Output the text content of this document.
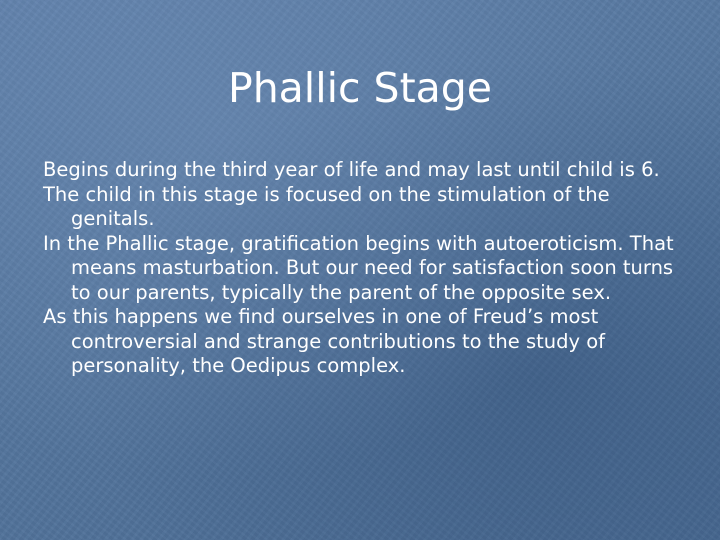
Phallic Stage

Begins during the third year of life and may last until child is 6.

The child in this stage is focused on the stimulation of the genitals.

In the Phallic stage, gratification begins with autoeroticism. That means masturbation. But our need for satisfaction soon turns to our parents, typically the parent of the opposite sex.

As this happens we find ourselves in one of Freud’s most controversial and strange contributions to the study of personality, the Oedipus complex.
